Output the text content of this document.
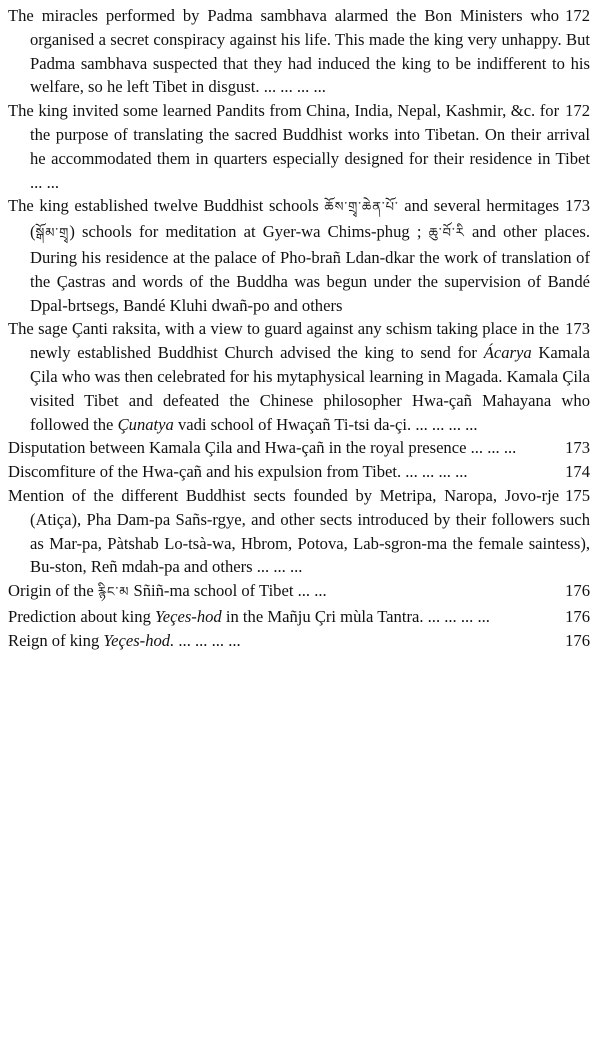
172
The miracles performed by Padma sambhava alarmed the Bon Ministers who organised a secret conspiracy against his life. This made the king very unhappy. But Padma sambhava suspected that they had induced the king to be indifferent to his welfare, so he left Tibet in disgust. ... ... ... ...
172
The king invited some learned Pandits from China, India, Nepal, Kashmir, &c. for the purpose of translating the sacred Buddhist works into Tibetan. On their arrival he accommodated them in quarters especially designed for their residence in Tibet ... ...
173
The king established twelve Buddhist schools ཆོས་གྲྭ་ཆེན་པོ་ and several hermitages (སྒོམ་གྲྭ) schools for meditation at Gyer-wa Chims-phug ; ཆུ་བོ་རི and other places. During his residence at the palace of Pho-brañ Ldan-dkar the work of translation of the Çastras and words of the Buddha was begun under the supervision of Bandé Dpal-brtsegs, Bandé Kluhi dwañ-po and others
173
The sage Çanti raksita, with a view to guard against any schism taking place in the newly established Buddhist Church advised the king to send for Ácarya Kamala Çila who was then celebrated for his mytaphysical learning in Magada. Kamala Çila visited Tibet and defeated the Chinese philosopher Hwa-çañ Mahayana who followed the Çunatya vadi school of Hwaçañ Ti-tsi da-çi. ... ... ... ...
173
Disputation between Kamala Çila and Hwa-çañ in the royal presence ... ... ...
174
Discomfiture of the Hwa-çañ and his expulsion from Tibet. ... ... ... ...
175
Mention of the different Buddhist sects founded by Metripa, Naropa, Jovo-rje (Atiça), Pha Dam-pa Sañs-rgye, and other sects introduced by their followers such as Mar-pa, Pàtshab Lo-tsà-wa, Hbrom, Potova, Lab-sgron-ma the female saintess), Bu-ston, Reñ mdah-pa and others ... ... ...
176
Origin of the རྙིང་མ Sñiñ-ma school of Tibet ... ...
176
Prediction about king Yeçes-hod in the Mañju Çri mùla Tantra. ... ... ... ...
176
Reign of king Yeçes-hod. ... ... ... ...
